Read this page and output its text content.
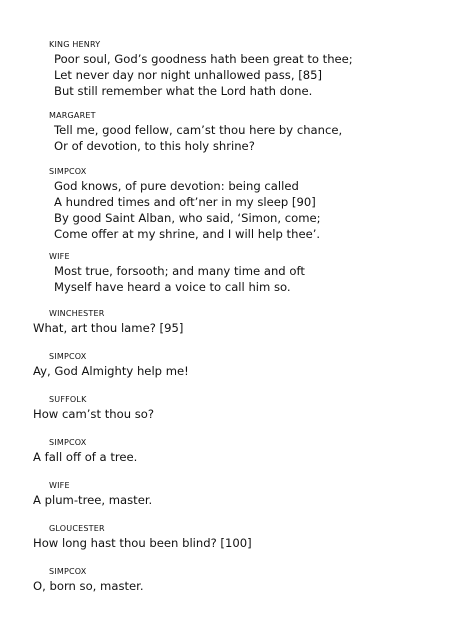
KING HENRY
Poor soul, God’s goodness hath been great to thee;
Let never day nor night unhallowed pass, [85]
But still remember what the Lord hath done.
MARGARET
Tell me, good fellow, cam’st thou here by chance,
Or of devotion, to this holy shrine?
SIMPCOX
God knows, of pure devotion: being called
A hundred times and oft’ner in my sleep [90]
By good Saint Alban, who said, ‘Simon, come;
Come offer at my shrine, and I will help thee’.
WIFE
Most true, forsooth; and many time and oft
Myself have heard a voice to call him so.
WINCHESTER
What, art thou lame? [95]
SIMPCOX
Ay, God Almighty help me!
SUFFOLK
How cam’st thou so?
SIMPCOX
A fall off of a tree.
WIFE
A plum-tree, master.
GLOUCESTER
How long hast thou been blind? [100]
SIMPCOX
O, born so, master.
